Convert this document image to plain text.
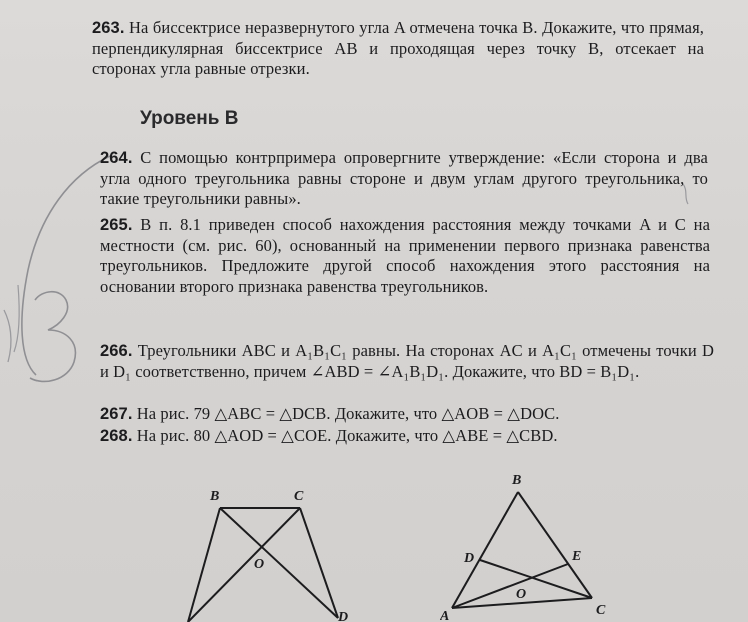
263. На биссектрисе неразвернутого угла A отмечена точка B. Докажите, что прямая, перпендикулярная биссектрисе AB и проходящая через точку B, отсекает на сторонах угла равные отрезки.

Уровень В

264. С помощью контрпримера опровергните утверждение: «Если сторона и два угла одного треугольника равны стороне и двум углам другого треугольника, то такие треугольники равны».

265. В п. 8.1 приведен способ нахождения расстояния между точками A и C на местности (см. рис. 60), основанный на применении первого признака равенства треугольников. Предложите другой способ нахождения этого расстояния на основании второго признака равенства треугольников.

266. Треугольники ABC и A₁B₁C₁ равны. На сторонах AC и A₁C₁ отмечены точки D и D₁ соответственно, причем ∠ABD = ∠A₁B₁D₁. Докажите, что BD = B₁D₁.

267. На рис. 79 △ABC = △DCB. Докажите, что △AOB = △DOC.

268. На рис. 80 △AOD = △COE. Докажите, что △ABE = △CBD.

B	C
O
D
B
D	E
O
A	C
